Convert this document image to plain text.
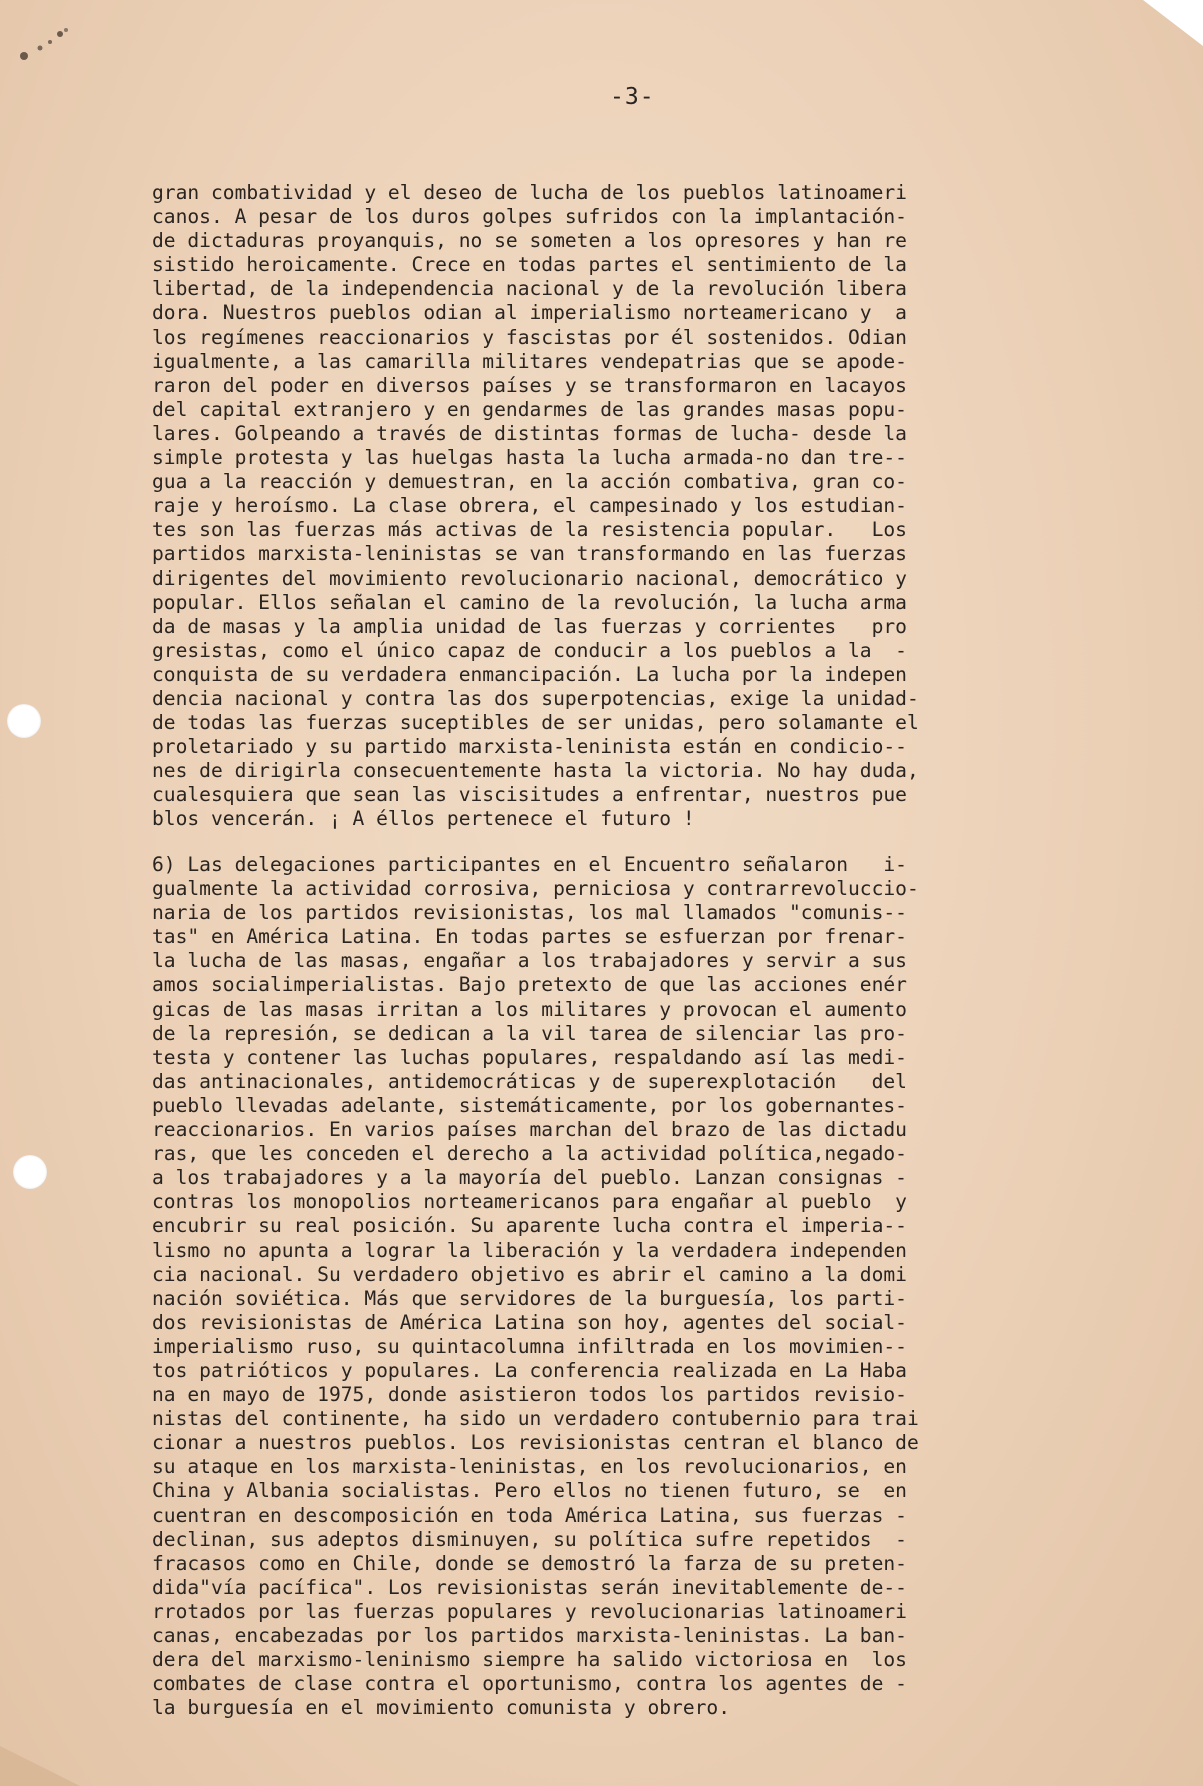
-3-
gran combatividad y el deseo de lucha de los pueblos latinoameri
canos. A pesar de los duros golpes sufridos con la implantación-
de dictaduras proyanquis, no se someten a los opresores y han re
sistido heroicamente. Crece en todas partes el sentimiento de la
libertad, de la independencia nacional y de la revolución libera
dora. Nuestros pueblos odian al imperialismo norteamericano y  a
los regímenes reaccionarios y fascistas por él sostenidos. Odian
igualmente, a las camarilla militares vendepatrias que se apode-
raron del poder en diversos países y se transformaron en lacayos
del capital extranjero y en gendarmes de las grandes masas popu-
lares. Golpeando a través de distintas formas de lucha- desde la
simple protesta y las huelgas hasta la lucha armada-no dan tre--
gua a la reacción y demuestran, en la acción combativa, gran co-
raje y heroísmo. La clase obrera, el campesinado y los estudian-
tes son las fuerzas más activas de la resistencia popular.   Los
partidos marxista-leninistas se van transformando en las fuerzas
dirigentes del movimiento revolucionario nacional, democrático y
popular. Ellos señalan el camino de la revolución, la lucha arma
da de masas y la amplia unidad de las fuerzas y corrientes   pro
gresistas, como el único capaz de conducir a los pueblos a la  -
conquista de su verdadera enmancipación. La lucha por la indepen
dencia nacional y contra las dos superpotencias, exige la unidad-
de todas las fuerzas suceptibles de ser unidas, pero solamante el
proletariado y su partido marxista-leninista están en condicio--
nes de dirigirla consecuentemente hasta la victoria. No hay duda,
cualesquiera que sean las viscisitudes a enfrentar, nuestros pue
blos vencerán. ¡ A éllos pertenece el futuro !
6) Las delegaciones participantes en el Encuentro señalaron   i-
gualmente la actividad corrosiva, perniciosa y contrarrevoluccio-
naria de los partidos revisionistas, los mal llamados "comunis--
tas" en América Latina. En todas partes se esfuerzan por frenar-
la lucha de las masas, engañar a los trabajadores y servir a sus
amos socialimperialistas. Bajo pretexto de que las acciones enér
gicas de las masas irritan a los militares y provocan el aumento
de la represión, se dedican a la vil tarea de silenciar las pro-
testa y contener las luchas populares, respaldando así las medi-
das antinacionales, antidemocráticas y de superexplotación   del
pueblo llevadas adelante, sistemáticamente, por los gobernantes-
reaccionarios. En varios países marchan del brazo de las dictadu
ras, que les conceden el derecho a la actividad política,negado-
a los trabajadores y a la mayoría del pueblo. Lanzan consignas -
contras los monopolios norteamericanos para engañar al pueblo  y
encubrir su real posición. Su aparente lucha contra el imperia--
lismo no apunta a lograr la liberación y la verdadera independen
cia nacional. Su verdadero objetivo es abrir el camino a la domi
nación soviética. Más que servidores de la burguesía, los parti-
dos revisionistas de América Latina son hoy, agentes del social-
imperialismo ruso, su quintacolumna infiltrada en los movimien--
tos patrióticos y populares. La conferencia realizada en La Haba
na en mayo de 1975, donde asistieron todos los partidos revisio-
nistas del continente, ha sido un verdadero contubernio para trai
cionar a nuestros pueblos. Los revisionistas centran el blanco de
su ataque en los marxista-leninistas, en los revolucionarios, en
China y Albania socialistas. Pero ellos no tienen futuro, se  en
cuentran en descomposición en toda América Latina, sus fuerzas -
declinan, sus adeptos disminuyen, su política sufre repetidos  -
fracasos como en Chile, donde se demostró la farza de su preten-
dida"vía pacífica". Los revisionistas serán inevitablemente de--
rrotados por las fuerzas populares y revolucionarias latinoameri
canas, encabezadas por los partidos marxista-leninistas. La ban-
dera del marxismo-leninismo siempre ha salido victoriosa en  los
combates de clase contra el oportunismo, contra los agentes de -
la burguesía en el movimiento comunista y obrero.
